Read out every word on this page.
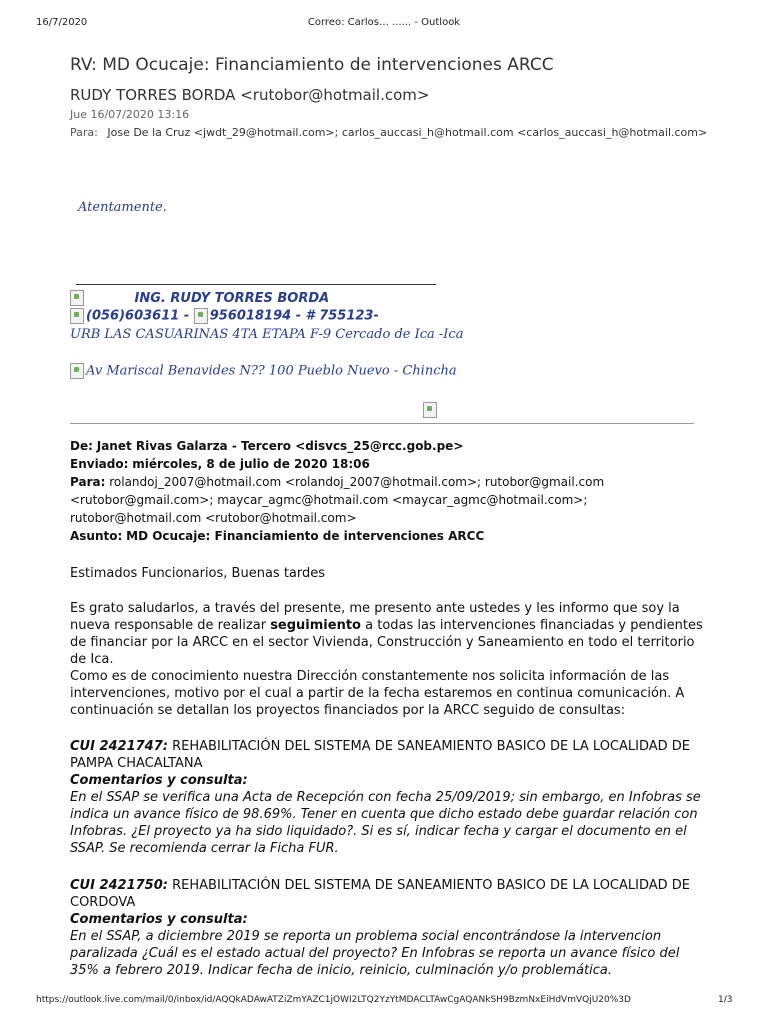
16/7/2020	Correo: Carlos… ...... - Outlook
RV: MD Ocucaje: Financiamiento de intervenciones ARCC
RUDY TORRES BORDA <rutobor@hotmail.com>
Jue 16/07/2020 13:16
Para: Jose De la Cruz <jwdt_29@hotmail.com>; carlos_auccasi_h@hotmail.com <carlos_auccasi_h@hotmail.com>
Atentamente.
ING. RUDY TORRES BORDA
(056)603611 - 956018194 - # 755123-
URB LAS CASUARINAS 4TA ETAPA F-9 Cercado de Ica -Ica
Av Mariscal Benavides N?? 100 Pueblo Nuevo - Chincha
De: Janet Rivas Galarza - Tercero <disvcs_25@rcc.gob.pe>
Enviado: miércoles, 8 de julio de 2020 18:06
Para: rolandoj_2007@hotmail.com <rolandoj_2007@hotmail.com>; rutobor@gmail.com <rutobor@gmail.com>; maycar_agmc@hotmail.com <maycar_agmc@hotmail.com>; rutobor@hotmail.com <rutobor@hotmail.com>
Asunto: MD Ocucaje: Financiamiento de intervenciones ARCC
Estimados Funcionarios, Buenas tardes
Es grato saludarlos, a través del presente, me presento ante ustedes y les informo que soy la nueva responsable de realizar seguimiento a todas las intervenciones financiadas y pendientes de financiar por la ARCC en el sector Vivienda, Construcción y Saneamiento en todo el territorio de Ica.
Como es de conocimiento nuestra Dirección constantemente nos solicita información de las intervenciones, motivo por el cual a partir de la fecha estaremos en continua comunicación. A continuación se detallan los proyectos financiados por la ARCC seguido de consultas:
CUI 2421747: REHABILITACIÓN DEL SISTEMA DE SANEAMIENTO BASICO DE LA LOCALIDAD DE PAMPA CHACALTANA
Comentarios y consulta:
En el SSAP se verifica una Acta de Recepción con fecha 25/09/2019; sin embargo, en Infobras se indica un avance físico de 98.69%. Tener en cuenta que dicho estado debe guardar relación con Infobras. ¿El proyecto ya ha sido liquidado?. Si es sí, indicar fecha y cargar el documento en el SSAP. Se recomienda cerrar la Ficha FUR.
CUI 2421750: REHABILITACIÓN DEL SISTEMA DE SANEAMIENTO BASICO DE LA LOCALIDAD DE CORDOVA
Comentarios y consulta:
En el SSAP, a diciembre 2019 se reporta un problema social encontrándose la intervencion paralizada ¿Cuál es el estado actual del proyecto? En Infobras se reporta un avance físico del 35% a febrero 2019. Indicar fecha de inicio, reinicio, culminación y/o problemática.
https://outlook.live.com/mail/0/inbox/id/AQQkADAwATZiZmYAZC1jOWI2LTQ2YzYtMDACLTAwCgAQANkSH9BzmNxEiHdVmVQjU20%3D	1/3
